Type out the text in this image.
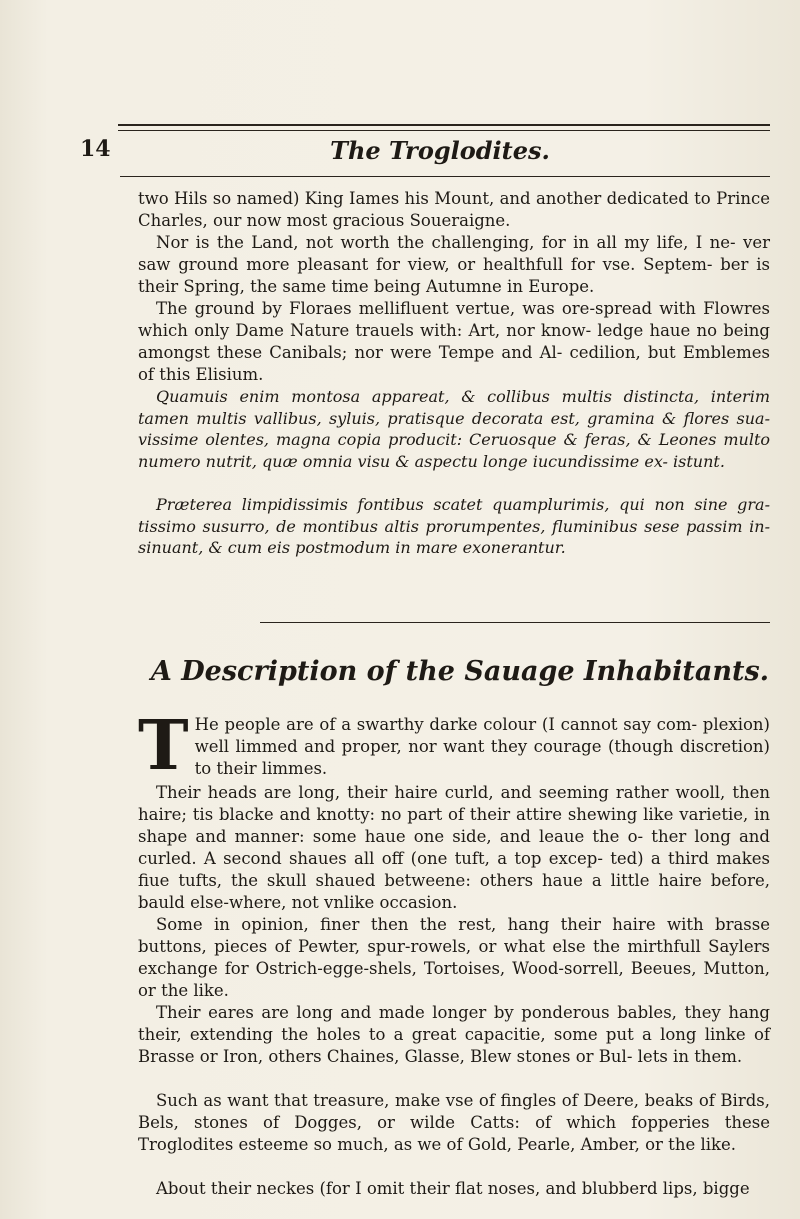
14	The Troglodites.

two Hils so named) King Iames his Mount, and another dedicated to Prince Charles, our now most gracious Soueraigne.

Nor is the Land, not worth the challenging, for in all my life, I ne- ver saw ground more pleasant for view, or healthfull for vse. Septem- ber is their Spring, the same time being Autumne in Europe.

The ground by Floraes mellifluent vertue, was ore-spread with Flowres which only Dame Nature trauels with: Art, nor know- ledge haue no being amongst these Canibals; nor were Tempe and Al- cedilion, but Emblemes of this Elisium.

Quamuis enim montosa appareat, & collibus multis distincta, interim tamen multis vallibus, syluis, pratisque decorata est, gramina & flores sua- vissime olentes, magna copia producit: Ceruosque & feras, & Leones multo numero nutrit, quæ omnia visu & aspectu longe iucundissime ex- istunt.

Præterea limpidissimis fontibus scatet quamplurimis, qui non sine gra- tissimo susurro, de montibus altis prorumpentes, fluminibus sese passim in- sinuant, & cum eis postmodum in mare exonerantur.

A Description of the Sauage Inhabitants.

T He people are of a swarthy darke colour (I cannot say com- plexion) well limmed and proper, nor want they courage (though discretion) to their limmes.

Their heads are long, their haire curld, and seeming rather wooll, then haire; tis blacke and knotty: no part of their attire shewing like varietie, in shape and manner: some haue one side, and leaue the o- ther long and curled. A second shaues all off (one tuft, a top excep- ted) a third makes fiue tufts, the skull shaued betweene: others haue a little haire before, bauld else-where, not vnlike occasion.

Some in opinion, finer then the rest, hang their haire with brasse buttons, pieces of Pewter, spur-rowels, or what else the mirthfull Saylers exchange for Ostrich-egge-shels, Tortoises, Wood-sorrell, Beeues, Mutton, or the like.

Their eares are long and made longer by ponderous bables, they hang their, extending the holes to a great capacitie, some put a long linke of Brasse or Iron, others Chaines, Glasse, Blew stones or Bul- lets in them.

Such as want that treasure, make vse of fingles of Deere, beaks of Birds, Bels, stones of Dogges, or wilde Catts: of which fopperies these Troglodites esteeme so much, as we of Gold, Pearle, Amber, or the like.

About their neckes (for I omit their flat noses, and blubberd lips, bigge
